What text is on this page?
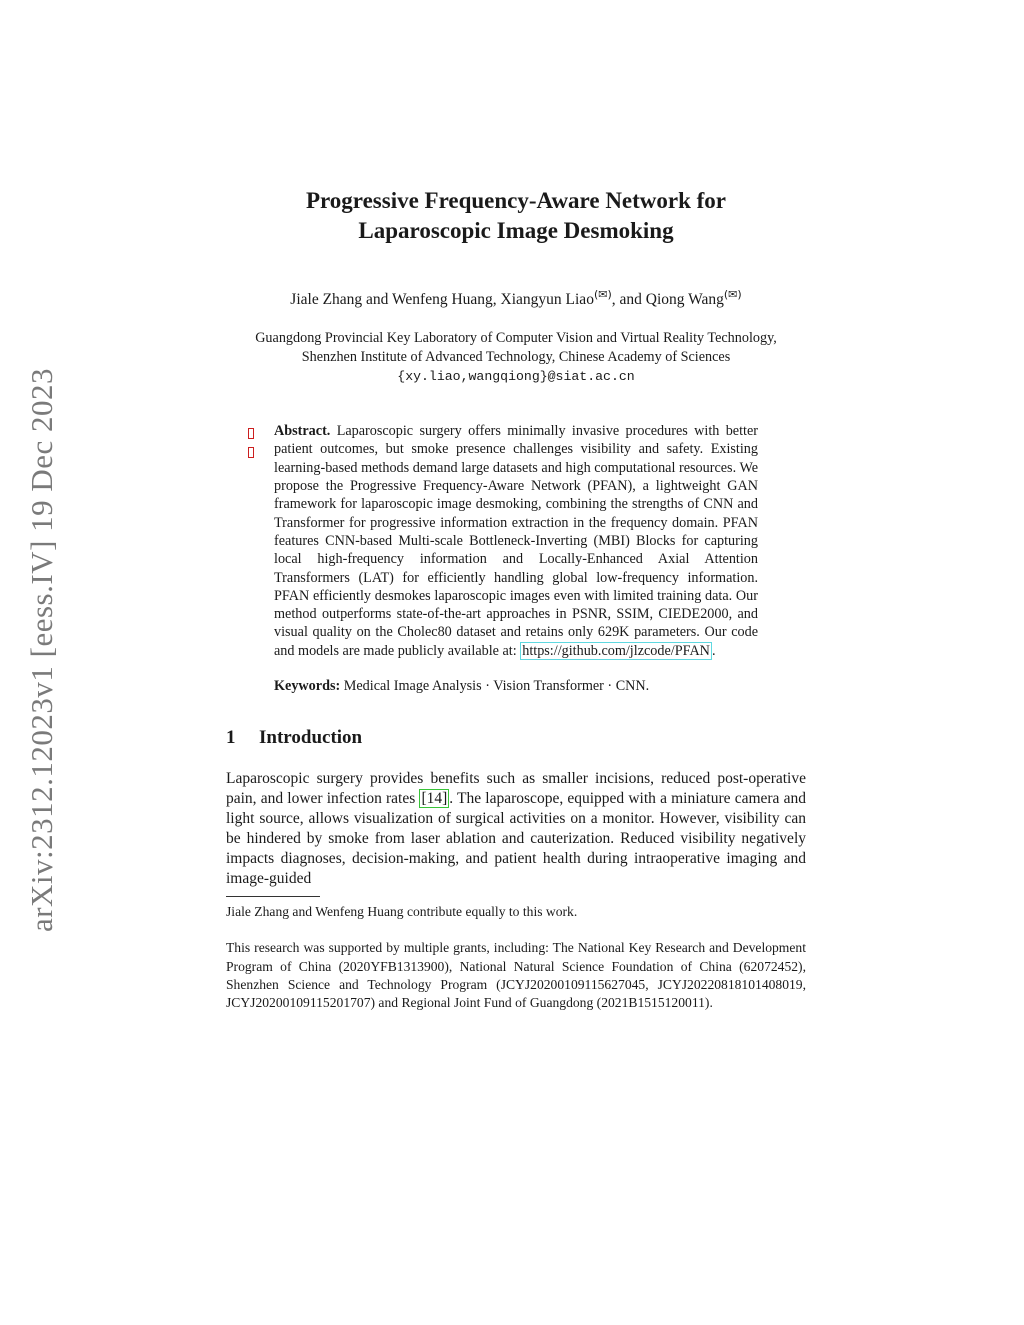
arXiv:2312.12023v1 [eess.IV] 19 Dec 2023
Progressive Frequency-Aware Network for
Laparoscopic Image Desmoking
Jiale Zhang and Wenfeng Huang, Xiangyun Liao(✉), and Qiong Wang(✉)
Guangdong Provincial Key Laboratory of Computer Vision and Virtual Reality Technology, Shenzhen Institute of Advanced Technology, Chinese Academy of Sciences
{xy.liao,wangqiong}@siat.ac.cn
Abstract. Laparoscopic surgery offers minimally invasive procedures with better patient outcomes, but smoke presence challenges visibility and safety. Existing learning-based methods demand large datasets and high computational resources. We propose the Progressive Frequency-Aware Network (PFAN), a lightweight GAN framework for laparoscopic image desmoking, combining the strengths of CNN and Transformer for progressive information extraction in the frequency domain. PFAN features CNN-based Multi-scale Bottleneck-Inverting (MBI) Blocks for capturing local high-frequency information and Locally-Enhanced Axial Attention Transformers (LAT) for efficiently handling global low-frequency information. PFAN efficiently desmokes laparoscopic images even with limited training data. Our method outperforms state-of-the-art approaches in PSNR, SSIM, CIEDE2000, and visual quality on the Cholec80 dataset and retains only 629K parameters. Our code and models are made publicly available at: https://github.com/jlzcode/PFAN .
Keywords: Medical Image Analysis · Vision Transformer · CNN.
1 Introduction
Laparoscopic surgery provides benefits such as smaller incisions, reduced post-operative pain, and lower infection rates [14] . The laparoscope, equipped with a miniature camera and light source, allows visualization of surgical activities on a monitor. However, visibility can be hindered by smoke from laser ablation and cauterization. Reduced visibility negatively impacts diagnoses, decision-making, and patient health during intraoperative imaging and image-guided
Jiale Zhang and Wenfeng Huang contribute equally to this work.
This research was supported by multiple grants, including: The National Key Research and Development Program of China (2020YFB1313900), National Natural Science Foundation of China (62072452), Shenzhen Science and Technology Program (JCYJ20200109115627045, JCYJ20220818101408019, JCYJ20200109115201707) and Regional Joint Fund of Guangdong (2021B1515120011).
